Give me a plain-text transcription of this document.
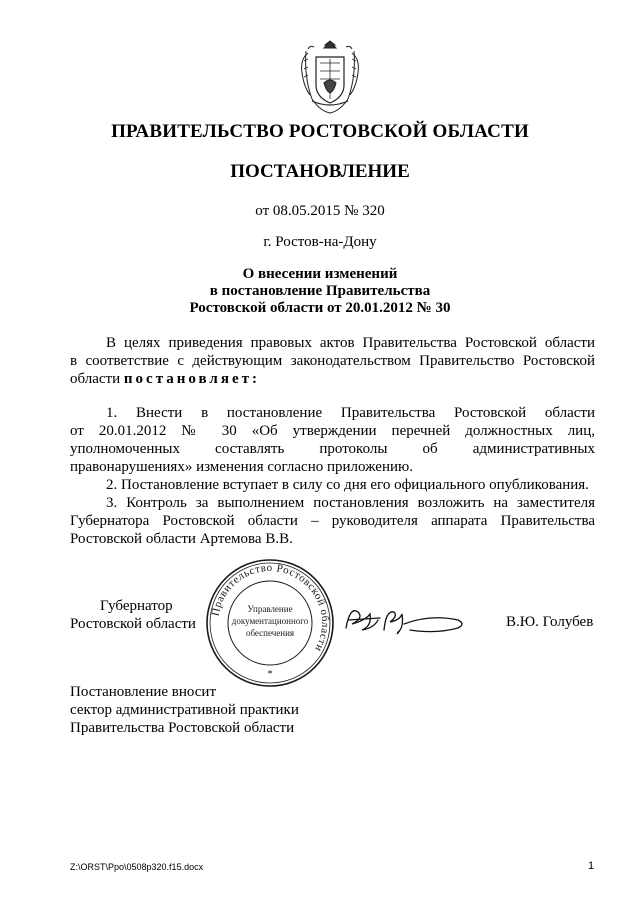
ПРАВИТЕЛЬСТВО РОСТОВСКОЙ ОБЛАСТИ
ПОСТАНОВЛЕНИЕ
от 08.05.2015 № 320
г. Ростов-на-Дону
О внесении изменений
в постановление Правительства
Ростовской области от 20.01.2012 № 30
В целях приведения правовых актов Правительства Ростовской области
в соответствие с действующим законодательством Правительство Ростовской
области постановляет:
1. Внести в постановление Правительства Ростовской области
от 20.01.2012 № 30 «Об утверждении перечней должностных лиц,
уполномоченных составлять протоколы об административных
правонарушениях» изменения согласно приложению.
2. Постановление вступает в силу со дня его официального опубликования.
3. Контроль за выполнением постановления возложить на заместителя
Губернатора Ростовской области – руководителя аппарата Правительства
Ростовской области Артемова В.В.
Губернатор
Ростовской области
Правительство Ростовской области
Управление
документационного
обеспечения
*
В.Ю. Голубев
Постановление вносит
сектор административной практики
Правительства Ростовской области
Z:\ORST\Ppo\0508p320.f15.docx	1
